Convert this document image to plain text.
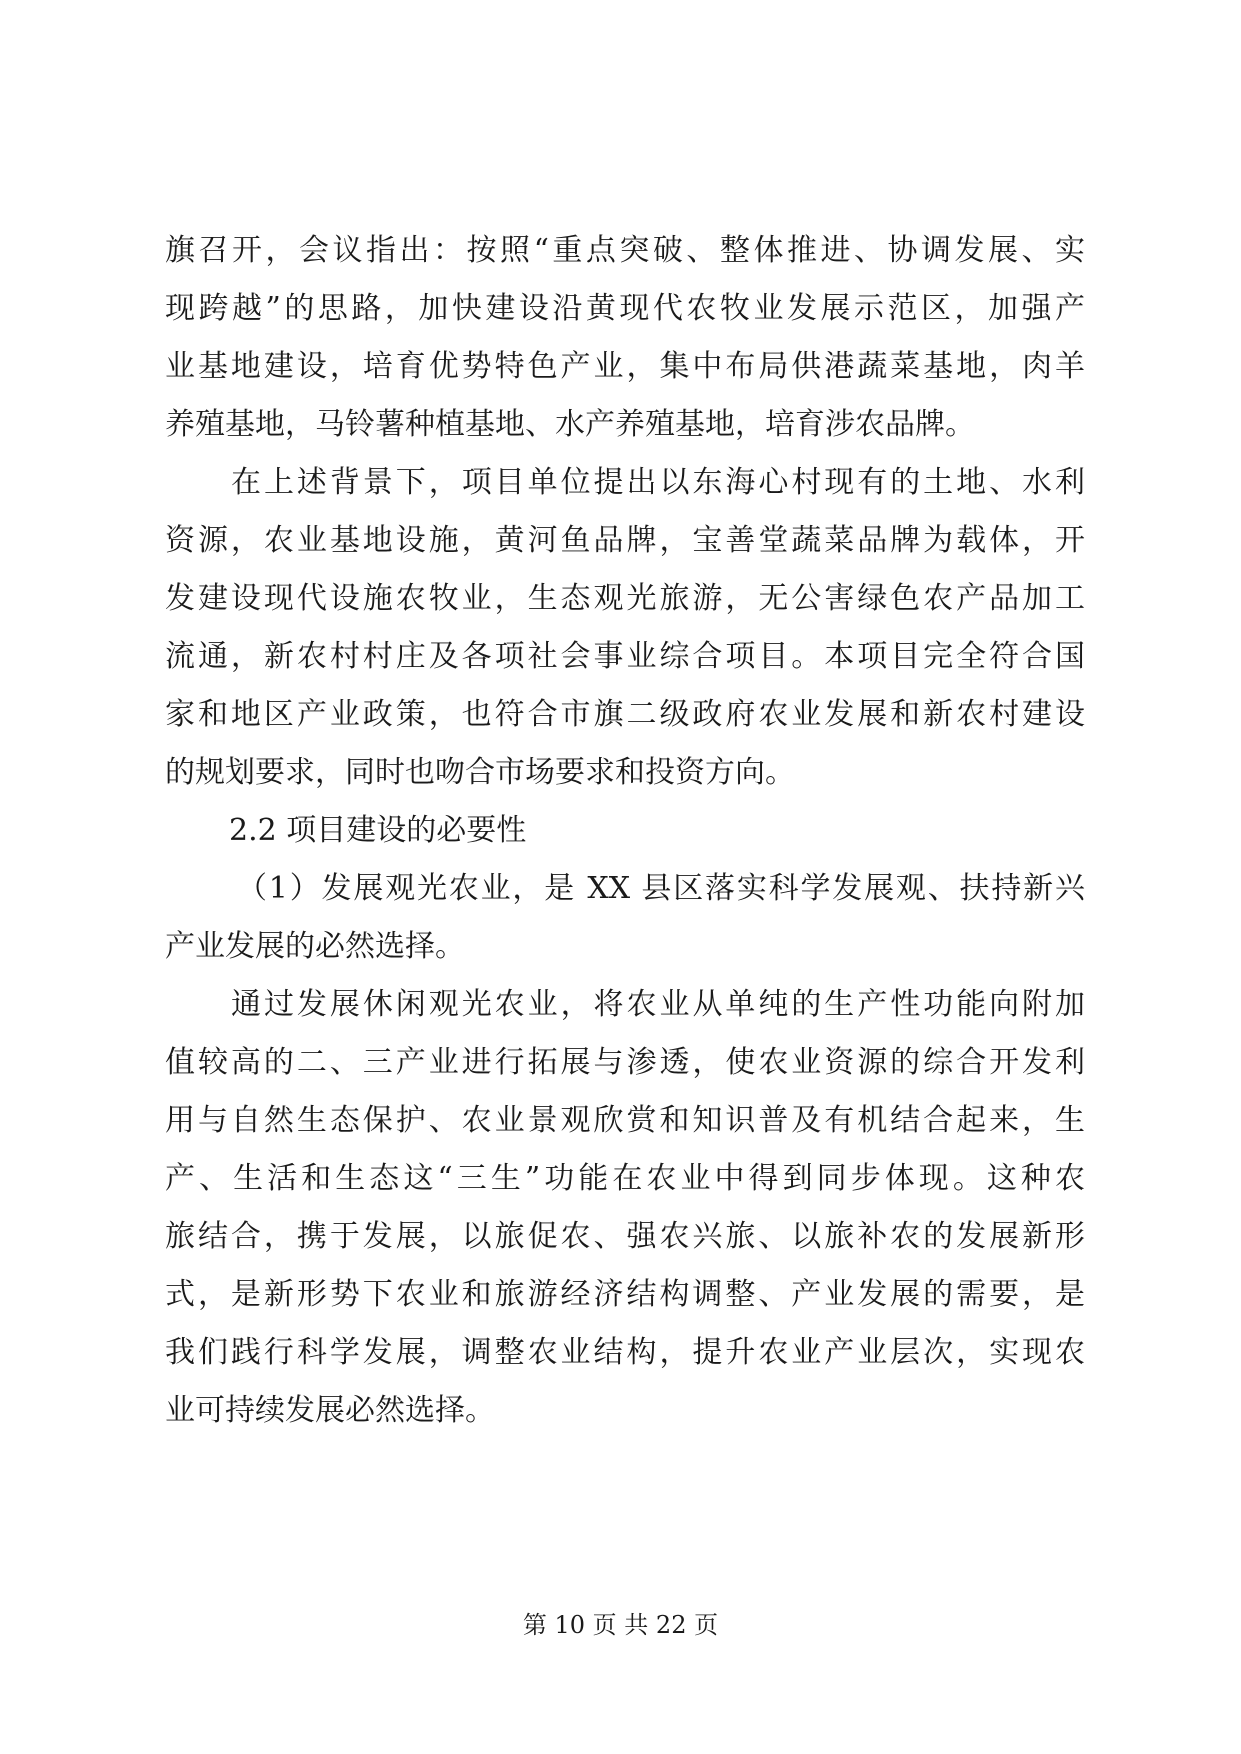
旗召开，会议指出：按照“重点突破、整体推进、协调发展、实
现跨越”的思路，加快建设沿黄现代农牧业发展示范区，加强产
业基地建设，培育优势特色产业，集中布局供港蔬菜基地，肉羊
养殖基地，马铃薯种植基地、水产养殖基地，培育涉农品牌。
在上述背景下，项目单位提出以东海心村现有的土地、水利
资源，农业基地设施，黄河鱼品牌，宝善堂蔬菜品牌为载体，开
发建设现代设施农牧业，生态观光旅游，无公害绿色农产品加工
流通，新农村村庄及各项社会事业综合项目。本项目完全符合国
家和地区产业政策，也符合市旗二级政府农业发展和新农村建设
的规划要求，同时也吻合市场要求和投资方向。
2.2 项目建设的必要性
（1）发展观光农业，是 XX 县区落实科学发展观、扶持新兴
产业发展的必然选择。
通过发展休闲观光农业，将农业从单纯的生产性功能向附加
值较高的二、三产业进行拓展与渗透，使农业资源的综合开发利
用与自然生态保护、农业景观欣赏和知识普及有机结合起来，生
产、生活和生态这“三生”功能在农业中得到同步体现。这种农
旅结合，携于发展，以旅促农、强农兴旅、以旅补农的发展新形
式，是新形势下农业和旅游经济结构调整、产业发展的需要，是
我们践行科学发展，调整农业结构，提升农业产业层次，实现农
业可持续发展必然选择。
第 10 页 共 22 页
